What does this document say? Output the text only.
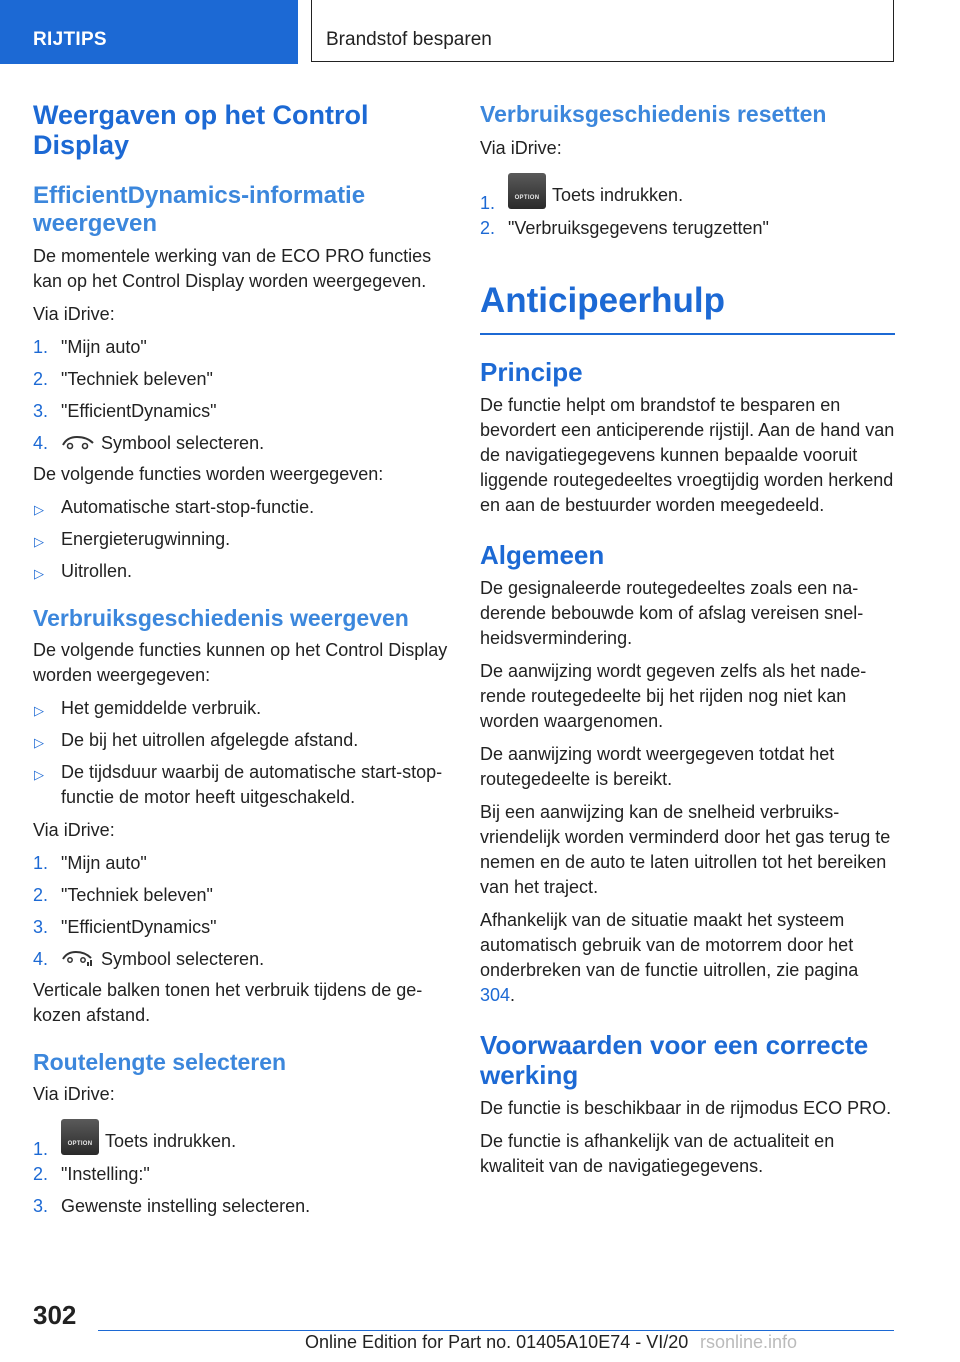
RIJTIPS	Brandstof besparen
Weergaven op het Control Display
EfficientDynamics-informatie weergeven

De momentele werking van de ECO PRO functies kan op het Control Display worden weergegeven.

Via iDrive:

1. "Mijn auto"
2. "Techniek beleven"
3. "EfficientDynamics"
4.	Symbool selecteren.

De volgende functies worden weergegeven:

▷ Automatische start-stop-functie.
▷ Energieterugwinning.
▷ Uitrollen.
Verbruiksgeschiedenis weergeven

De volgende functies kunnen op het Control Display worden weergegeven:

▷ Het gemiddelde verbruik.
▷ De bij het uitrollen afgelegde afstand.
▷ De tijdsduur waarbij de automatische start-stop-functie de motor heeft uitgeschakeld.

Via iDrive:

1. "Mijn auto"
2. "Techniek beleven"
3. "EfficientDynamics"
4.	Symbool selecteren.

Verticale balken tonen het verbruik tijdens de gekozen afstand.

Routelengte selecteren

Via iDrive:

1.	OPTION Toets indrukken.
2. "Instelling:"
3. Gewenste instelling selecteren.
Verbruiksgeschiedenis resetten

Via iDrive:

1.	OPTION Toets indrukken.
2. "Verbruiksgegevens terugzetten"
Anticipeerhulp
Principe

De functie helpt om brandstof te besparen en bevordert een anticiperende rijstijl. Aan de hand van de navigatiegegevens kunnen bepaalde vooruit liggende routegedeeltes vroegtijdig worden herkend en aan de bestuurder worden meegedeeld.

Algemeen

De gesignaleerde routegedeeltes zoals een naderende bebouwde kom of afslag vereisen snelheidsvermindering.

De aanwijzing wordt gegeven zelfs als het naderende routegedeelte bij het rijden nog niet kan worden waargenomen.

De aanwijzing wordt weergegeven totdat het routegedeelte is bereikt.

Bij een aanwijzing kan de snelheid verbruiksvriendelijk worden verminderd door het gas terug te nemen en de auto te laten uitrollen tot het bereiken van het traject.

Afhankelijk van de situatie maakt het systeem automatisch gebruik van de motorrem door het onderbreken van de functie uitrollen, zie pagina 304.

Voorwaarden voor een correcte werking

De functie is beschikbaar in de rijmodus ECO PRO.

De functie is afhankelijk van de actualiteit en kwaliteit van de navigatiegegevens.

302
Online Edition for Part no. 01405A10E74 - VI/20 rsonline.info
